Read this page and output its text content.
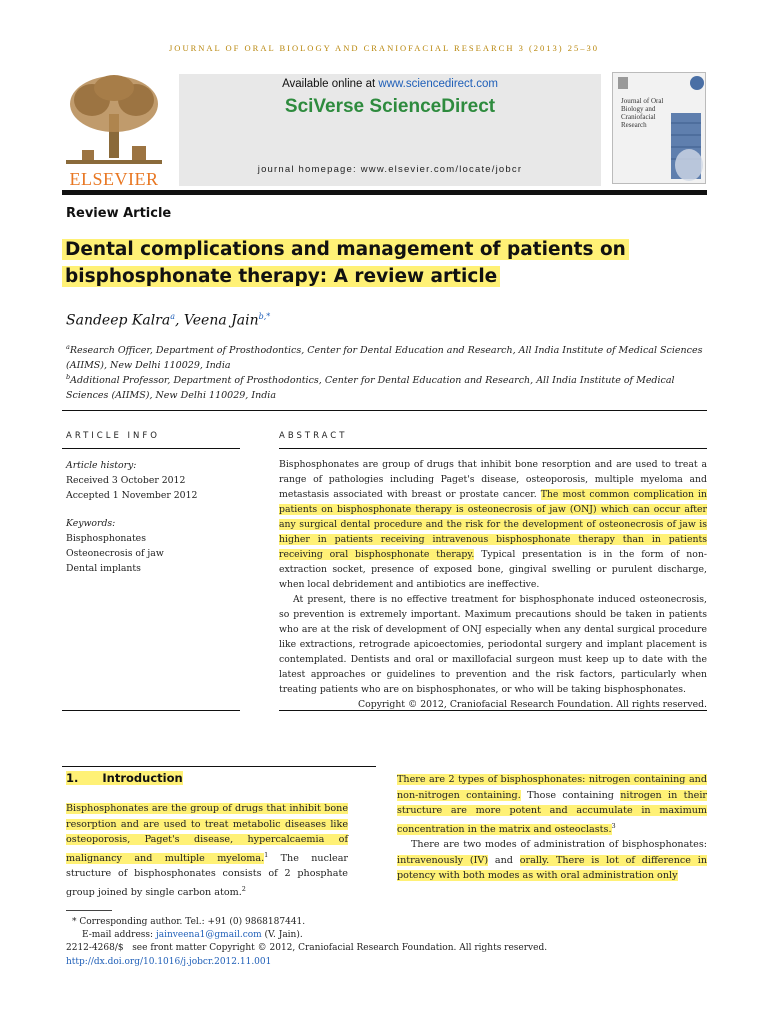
JOURNAL OF ORAL BIOLOGY AND CRANIOFACIAL RESEARCH 3 (2013) 25–30
ELSEVIER
Available online at www.sciencedirect.com
SciVerse ScienceDirect
journal homepage: www.elsevier.com/locate/jobcr
Journal of Oral Biology and Craniofacial Research
Review Article
Dental complications and management of patients on
bisphosphonate therapy: A review article
Sandeep Kalra$^a$, Veena Jain$^{b,*}$
$^a$Research Officer, Department of Prosthodontics, Center for Dental Education and Research, All India Institute of Medical Sciences (AIIMS), New Delhi 110029, India
$^b$Additional Professor, Department of Prosthodontics, Center for Dental Education and Research, All India Institute of Medical Sciences (AIIMS), New Delhi 110029, India
ARTICLE INFO
Article history:
Received 3 October 2012
Accepted 1 November 2012
Keywords:
Bisphosphonates
Osteonecrosis of jaw
Dental implants
ABSTRACT

Bisphosphonates are group of drugs that inhibit bone resorption and are used to treat a range of pathologies including Paget's disease, osteoporosis, multiple myeloma and metastasis associated with breast or prostate cancer. The most common complication in patients on bisphosphonate therapy is osteonecrosis of jaw (ONJ) which can occur after any surgical dental procedure and the risk for the development of osteonecrosis of jaw is higher in patients receiving intravenous bisphosphonate therapy than in patients receiving oral bisphosphonate therapy. Typical presentation is in the form of non-extraction socket, presence of exposed bone, gingival swelling or purulent discharge, when local debridement and antibiotics are ineffective.

At present, there is no effective treatment for bisphosphonate induced osteonecrosis, so prevention is extremely important. Maximum precautions should be taken in patients who are at the risk of development of ONJ especially when any dental surgical procedure like extractions, retrograde apicoectomies, periodontal surgery and implant placement is contemplated. Dentists and oral or maxillofacial surgeon must keep up to date with the latest approaches or guidelines to prevention and the risk factors, particularly when treating patients who are on bisphosphonates, or who will be taking bisphosphonates.

Copyright © 2012, Craniofacial Research Foundation. All rights reserved.

1.      Introduction

Bisphosphonates are the group of drugs that inhibit bone resorption and are used to treat metabolic diseases like osteoporosis, Paget's disease, hypercalcaemia of malignancy and multiple myeloma.$^1$ The nuclear structure of bisphosphonates consists of 2 phosphate group joined by single carbon atom.$^2$

There are 2 types of bisphosphonates: nitrogen containing and non-nitrogen containing. Those containing nitrogen in their structure are more potent and accumulate in maximum concentration in the matrix and osteoclasts.$^3$

There are two modes of administration of bisphosphonates: intravenously (IV) and orally. There is lot of difference in potency with both modes as with oral administration only

* Corresponding author. Tel.: +91 (0) 9868187441.
E-mail address: jainveena1@gmail.com (V. Jain).
2212-4268/$   see front matter Copyright © 2012, Craniofacial Research Foundation. All rights reserved.
http://dx.doi.org/10.1016/j.jobcr.2012.11.001
